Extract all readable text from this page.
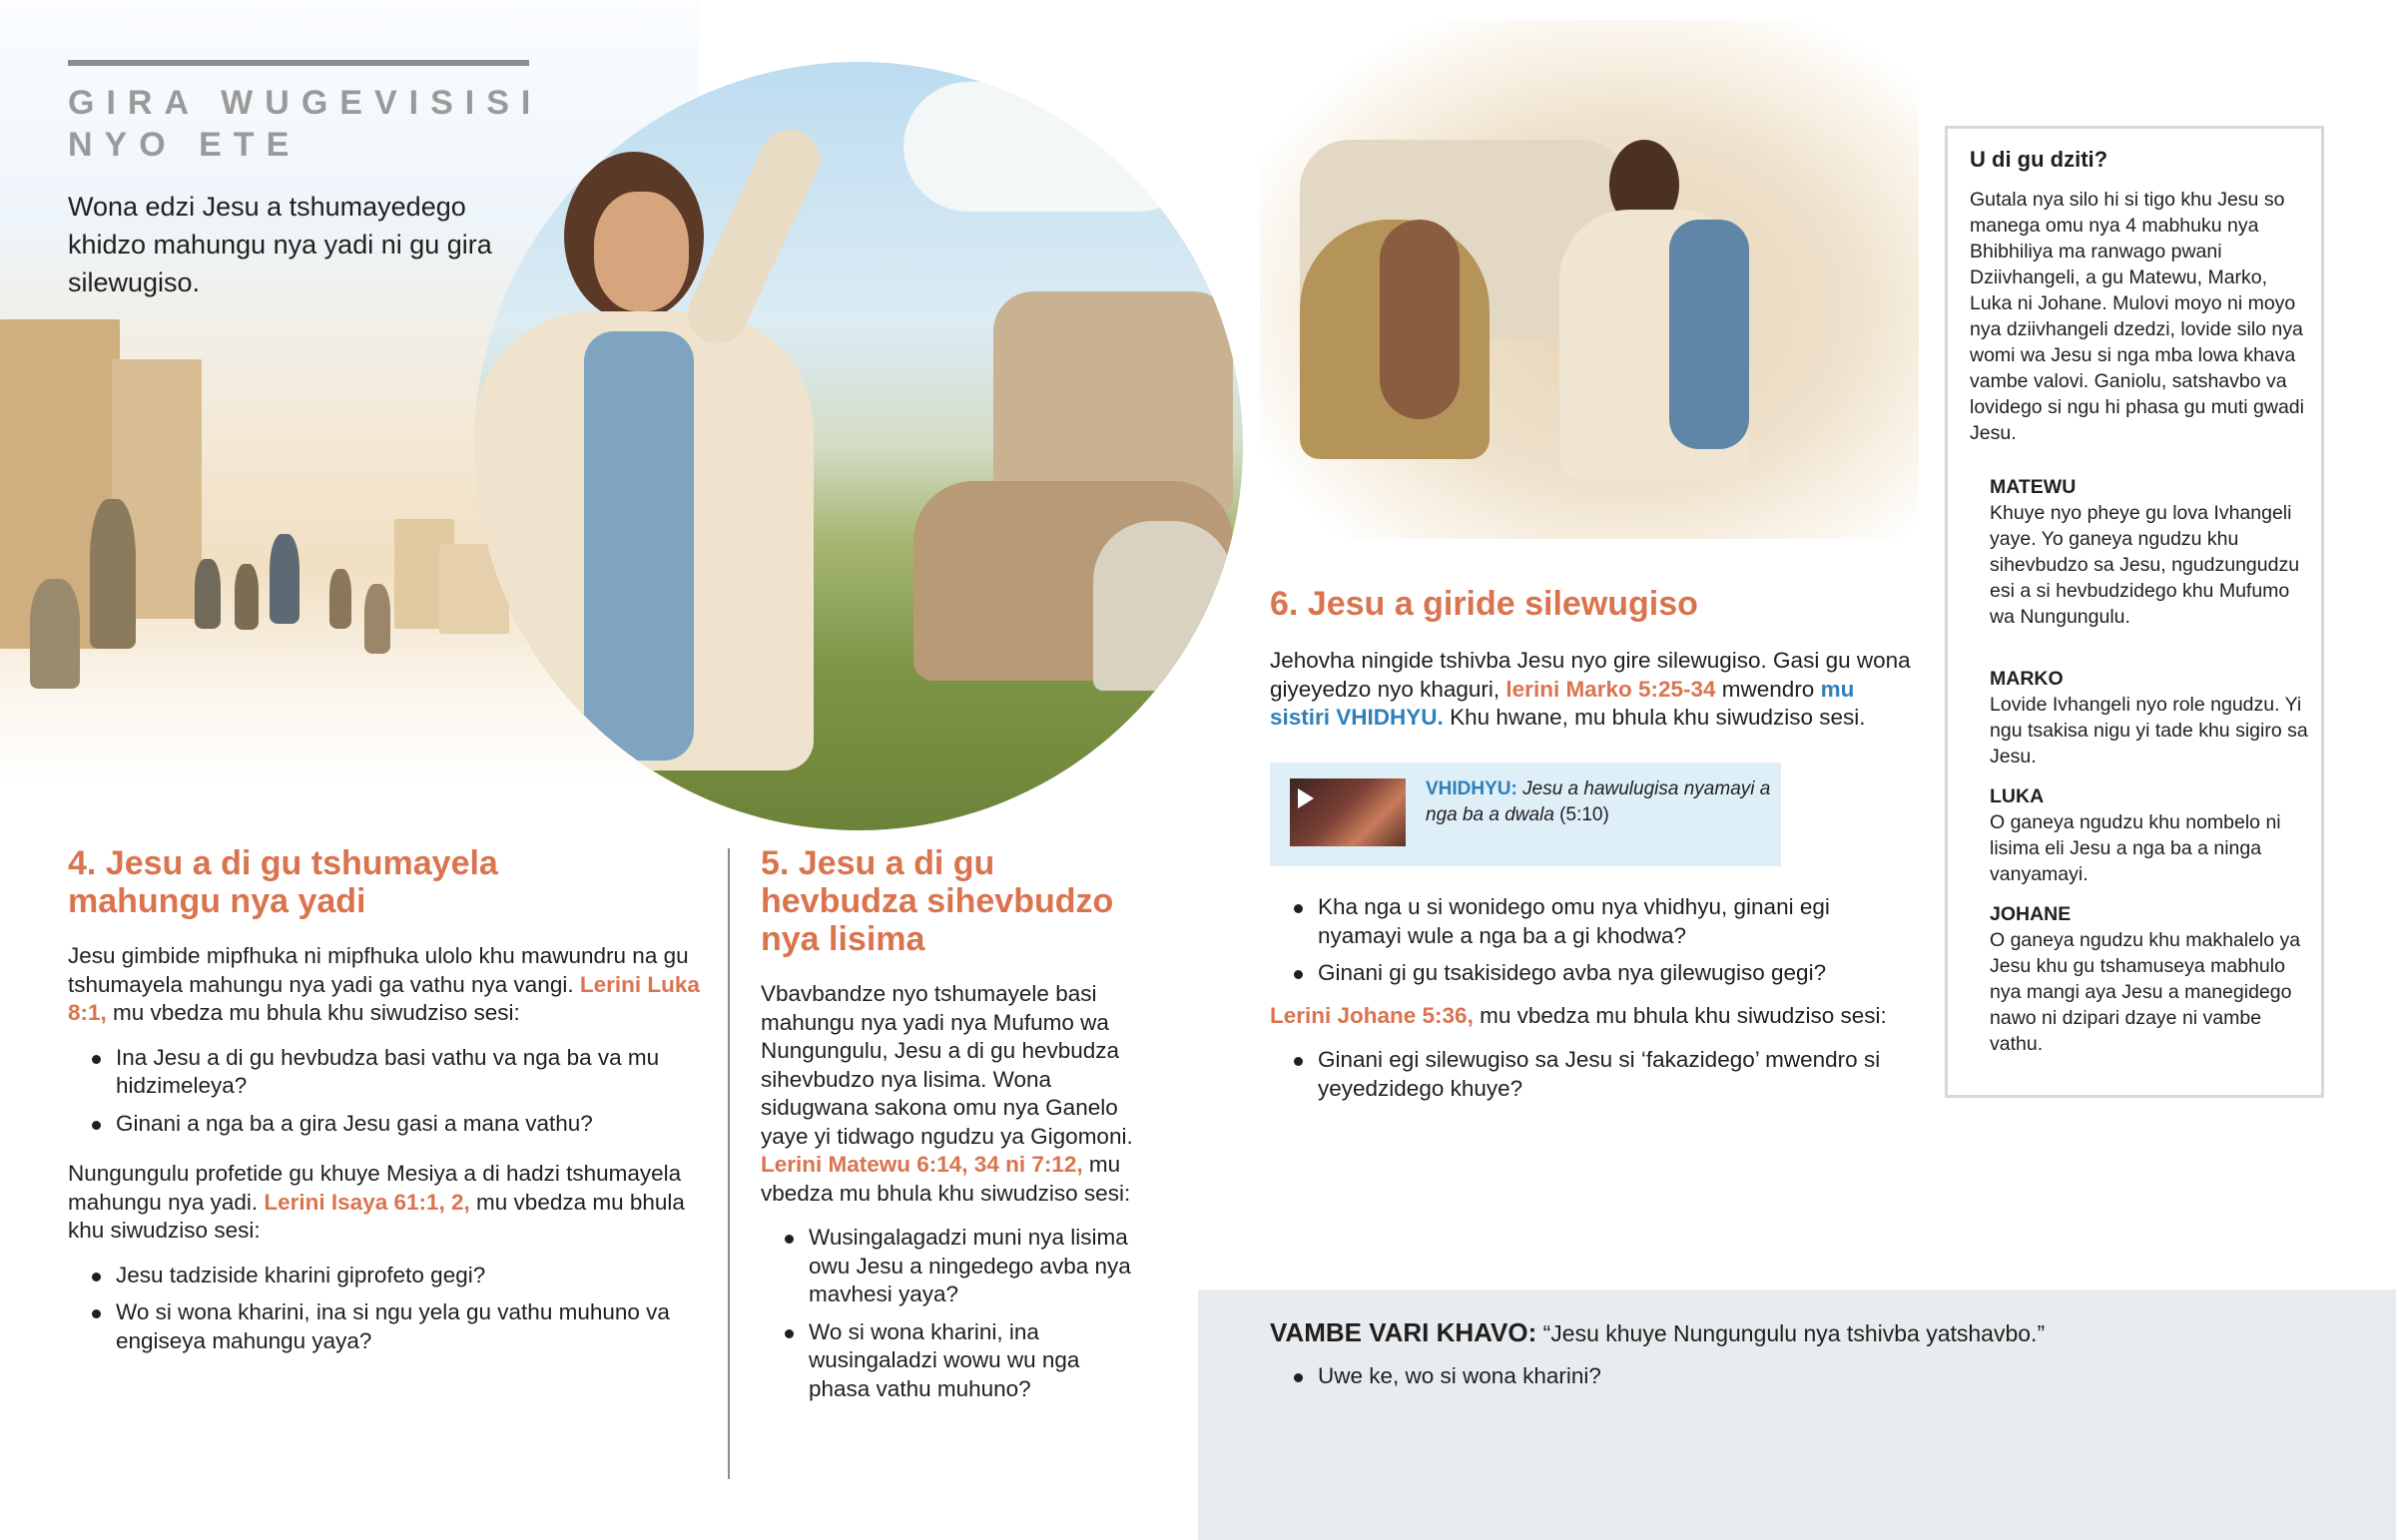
GIRA WUGEVISISI
NYO ETE
Wona edzi Jesu a tshumayedego khidzo mahungu nya yadi ni gu gira silewugiso.
4. Jesu a di gu tshumayela mahungu nya yadi
Jesu gimbide mipfhuka ni mipfhuka ulolo khu mawundru na gu tshumayela mahungu nya yadi ga vathu nya vangi. Lerini Luka 8:1, mu vbedza mu bhula khu siwudziso sesi:
Ina Jesu a di gu hevbudza basi vathu va nga ba va mu hidzimeleya?
Ginani a nga ba a gira Jesu gasi a mana vathu?
Nungungulu profetide gu khuye Mesiya a di hadzi tshumayela mahungu nya yadi. Lerini Isaya 61:1, 2, mu vbedza mu bhula khu siwudziso sesi:
Jesu tadziside kharini giprofeto gegi?
Wo si wona kharini, ina si ngu yela gu vathu muhuno va engiseya mahungu yaya?
5. Jesu a di gu hevbudza sihevbudzo nya lisima
Vbavbandze nyo tshumayele basi mahungu nya yadi nya Mufumo wa Nungungulu, Jesu a di gu hevbudza sihevbudzo nya lisima. Wona sidugwana sakona omu nya Ganelo yaye yi tidwago ngudzu ya Gigomoni. Lerini Matewu 6:14, 34 ni 7:12, mu vbedza mu bhula khu siwudziso sesi:
Wusingalagadzi muni nya lisima owu Jesu a ningedego avba nya mavhesi yaya?
Wo si wona kharini, ina wusingaladzi wowu wu nga phasa vathu muhuno?
6. Jesu a giride silewugiso
Jehovha ningide tshivba Jesu nyo gire silewugiso. Gasi gu wona giyeyedzo nyo khaguri, lerini Marko 5:25-34 mwendro mu sistiri VHIDHYU. Khu hwane, mu bhula khu siwudziso sesi.
VHIDHYU: Jesu a hawulugisa nyamayi a nga ba a dwala (5:10)
Kha nga u si wonidego omu nya vhidhyu, ginani egi nyamayi wule a nga ba a gi khodwa?
Ginani gi gu tsakisidego avba nya gilewugiso gegi?
Lerini Johane 5:36, mu vbedza mu bhula khu siwudziso sesi:
Ginani egi silewugiso sa Jesu si ‘fakazidego’ mwendro si yeyedzidego khuye?
U di gu dziti?
Gutala nya silo hi si tigo khu Jesu so manega omu nya 4 mabhuku nya Bhibhiliya ma ranwago pwani Dziivhangeli, a gu Matewu, Marko, Luka ni Johane. Mulovi moyo ni moyo nya dziivhangeli dzedzi, lovide silo nya womi wa Jesu si nga mba lowa khava vambe valovi. Ganiolu, satshavbo va lovidego si ngu hi phasa gu muti gwadi Jesu.
MATEWU
Khuye nyo pheye gu lova Ivhangeli yaye. Yo ganeya ngudzu khu sihevbudzo sa Jesu, ngudzungudzu esi a si hevbudzidego khu Mufumo wa Nungungulu.
MARKO
Lovide Ivhangeli nyo role ngudzu. Yi ngu tsakisa nigu yi tade khu sigiro sa Jesu.
LUKA
O ganeya ngudzu khu nombelo ni lisima eli Jesu a nga ba a ninga vanyamayi.
JOHANE
O ganeya ngudzu khu makhalelo ya Jesu khu gu tshamuseya mabhulo nya mangi aya Jesu a manegidego nawo ni dzipari dzaye ni vambe vathu.
VAMBE VARI KHAVO: “Jesu khuye Nungungulu nya tshivba yatshavbo.”
Uwe ke, wo si wona kharini?
